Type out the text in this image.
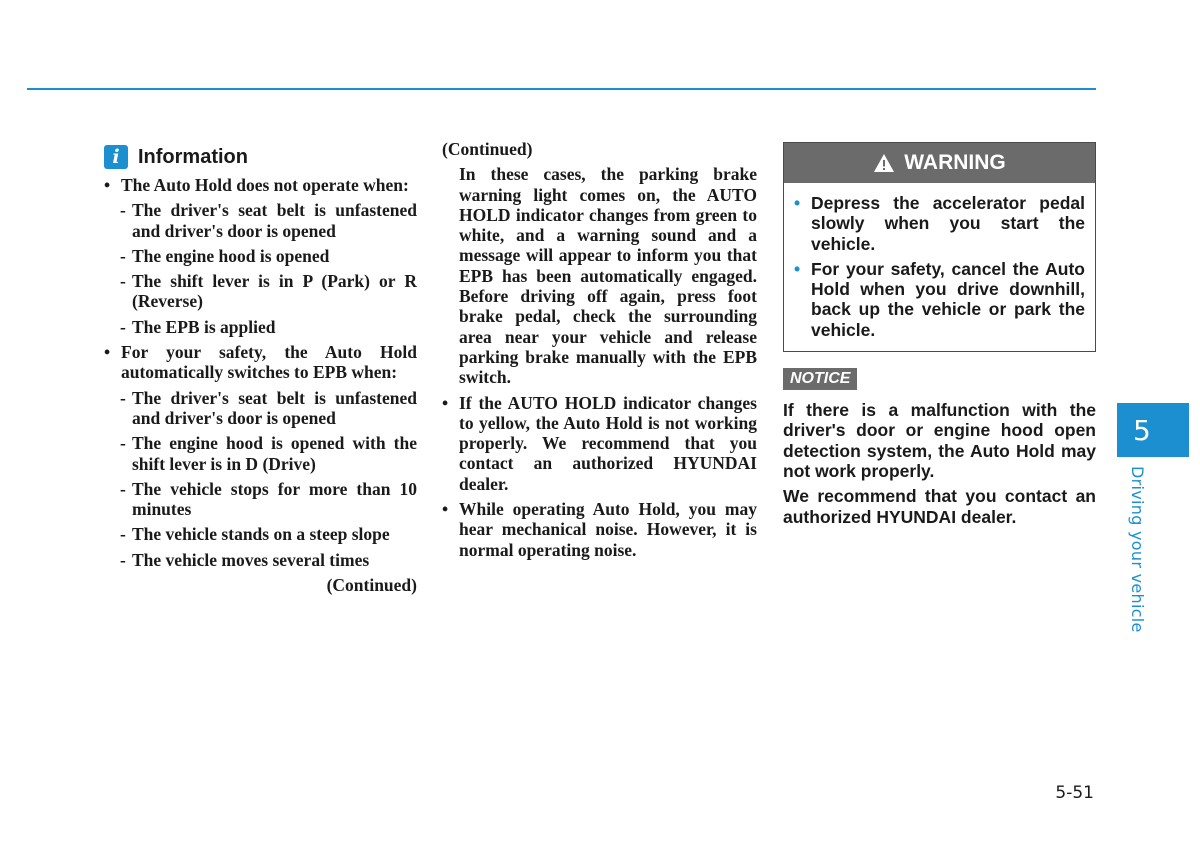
i Information
• The Auto Hold does not operate when:
- The driver's seat belt is unfastened and driver's door is opened
- The engine hood is opened
- The shift lever is in P (Park) or R (Reverse)
- The EPB is applied
• For your safety, the Auto Hold automatically switches to EPB when:
- The driver's seat belt is unfastened and driver's door is opened
- The engine hood is opened with the shift lever is in D (Drive)
- The vehicle stops for more than 10 minutes
- The vehicle stands on a steep slope
- The vehicle moves several times
(Continued)
(Continued)
In these cases, the parking brake warning light comes on, the AUTO HOLD indicator changes from green to white, and a warning sound and a message will appear to inform you that EPB has been automatically engaged. Before driving off again, press foot brake pedal, check the surrounding area near your vehicle and release parking brake manually with the EPB switch.
• If the AUTO HOLD indicator changes to yellow, the Auto Hold is not working properly. We recommend that you contact an authorized HYUNDAI dealer.
• While operating Auto Hold, you may hear mechanical noise. However, it is normal operating noise.
WARNING
• Depress the accelerator pedal slowly when you start the vehicle.
• For your safety, cancel the Auto Hold when you drive downhill, back up the vehicle or park the vehicle.
NOTICE
If there is a malfunction with the driver's door or engine hood open detection system, the Auto Hold may not work properly.
We recommend that you contact an authorized HYUNDAI dealer.
5
Driving your vehicle
5-51
